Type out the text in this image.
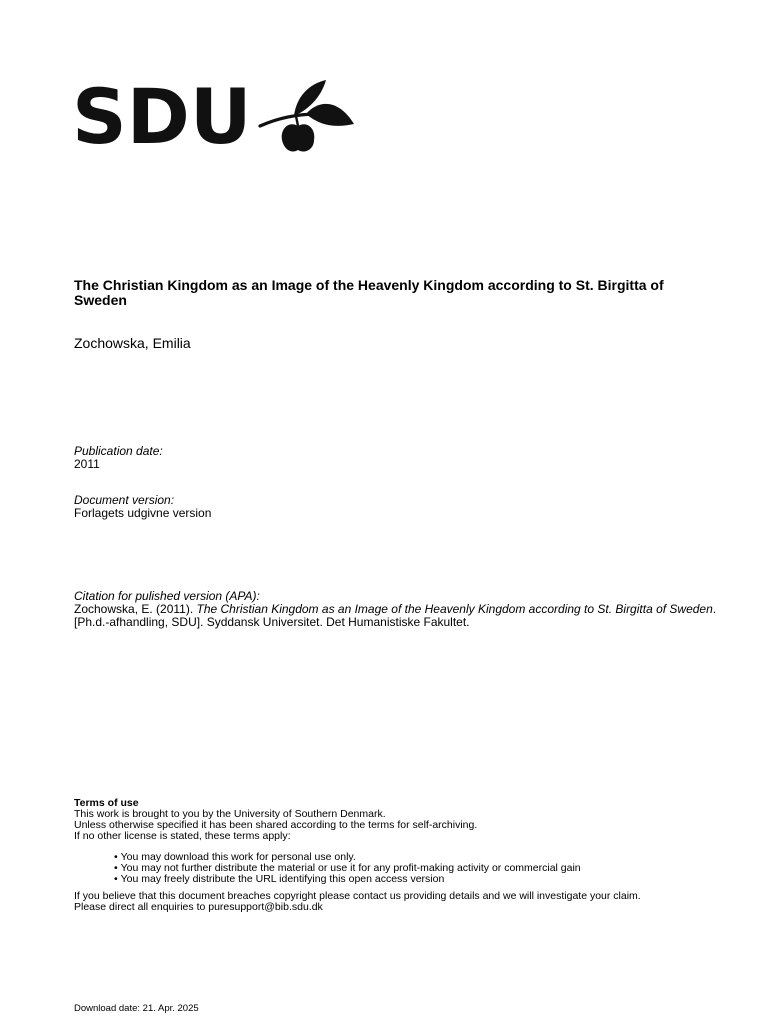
SDU
The Christian Kingdom as an Image of the Heavenly Kingdom according to St. Birgitta of Sweden
Zochowska, Emilia
Publication date:
2011
Document version:
Forlagets udgivne version
Citation for pulished version (APA):
Zochowska, E. (2011). The Christian Kingdom as an Image of the Heavenly Kingdom according to St. Birgitta of Sweden. [Ph.d.-afhandling, SDU]. Syddansk Universitet. Det Humanistiske Fakultet.
Terms of use
This work is brought to you by the University of Southern Denmark.
Unless otherwise specified it has been shared according to the terms for self-archiving.
If no other license is stated, these terms apply:
• You may download this work for personal use only.
• You may not further distribute the material or use it for any profit-making activity or commercial gain
• You may freely distribute the URL identifying this open access version
If you believe that this document breaches copyright please contact us providing details and we will investigate your claim.
Please direct all enquiries to puresupport@bib.sdu.dk
Download date: 21. Apr. 2025
